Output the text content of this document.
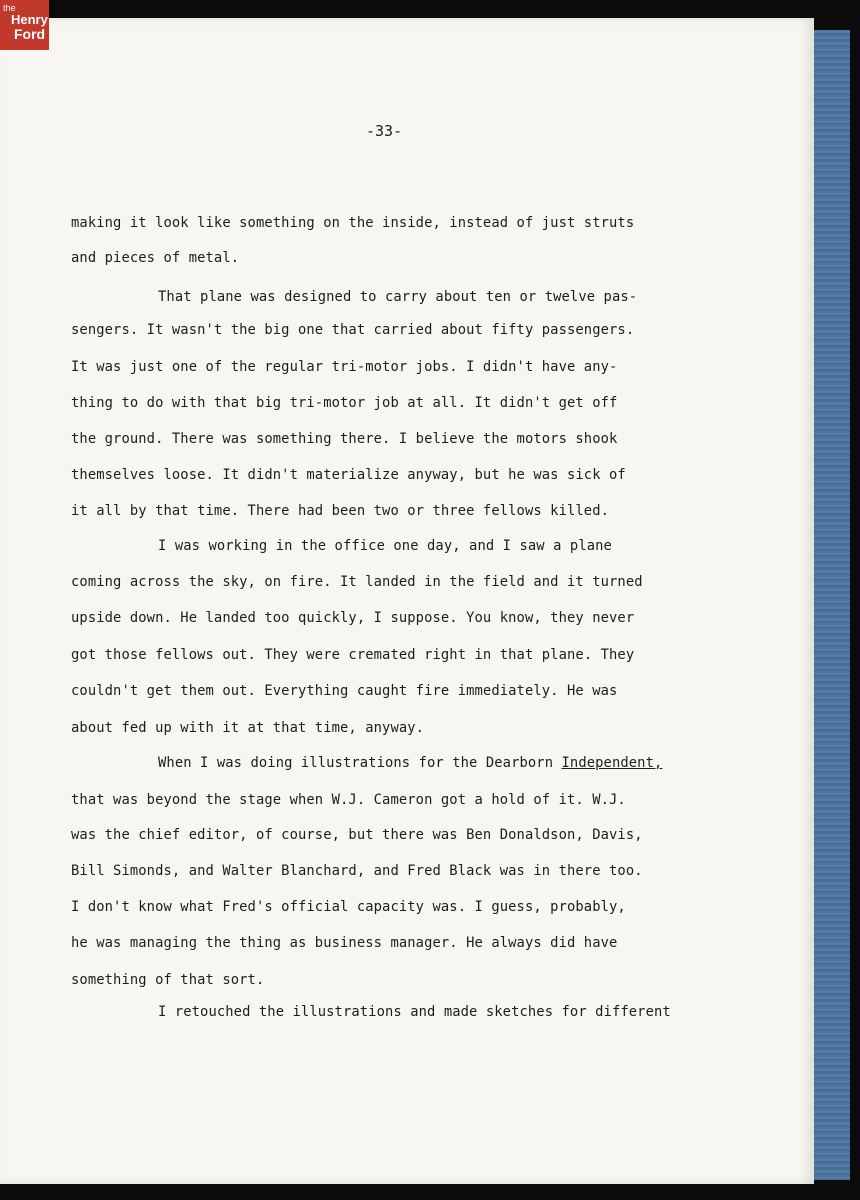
-33-

making it look like something on the inside, instead of just struts

and pieces of metal.

That plane was designed to carry about ten or twelve pas-

sengers. It wasn't the big one that carried about fifty passengers.

It was just one of the regular tri-motor jobs. I didn't have any-

thing to do with that big tri-motor job at all. It didn't get off

the ground. There was something there. I believe the motors shook

themselves loose. It didn't materialize anyway, but he was sick of

it all by that time. There had been two or three fellows killed.

I was working in the office one day, and I saw a plane

coming across the sky, on fire. It landed in the field and it turned

upside down. He landed too quickly, I suppose. You know, they never

got those fellows out. They were cremated right in that plane. They

couldn't get them out. Everything caught fire immediately. He was

about fed up with it at that time, anyway.

When I was doing illustrations for the Dearborn Independent,

that was beyond the stage when W.J. Cameron got a hold of it. W.J.

was the chief editor, of course, but there was Ben Donaldson, Davis,

Bill Simonds, and Walter Blanchard, and Fred Black was in there too.

I don't know what Fred's official capacity was. I guess, probably,

he was managing the thing as business manager. He always did have

something of that sort.

I retouched the illustrations and made sketches for different

the
Henry
Ford
